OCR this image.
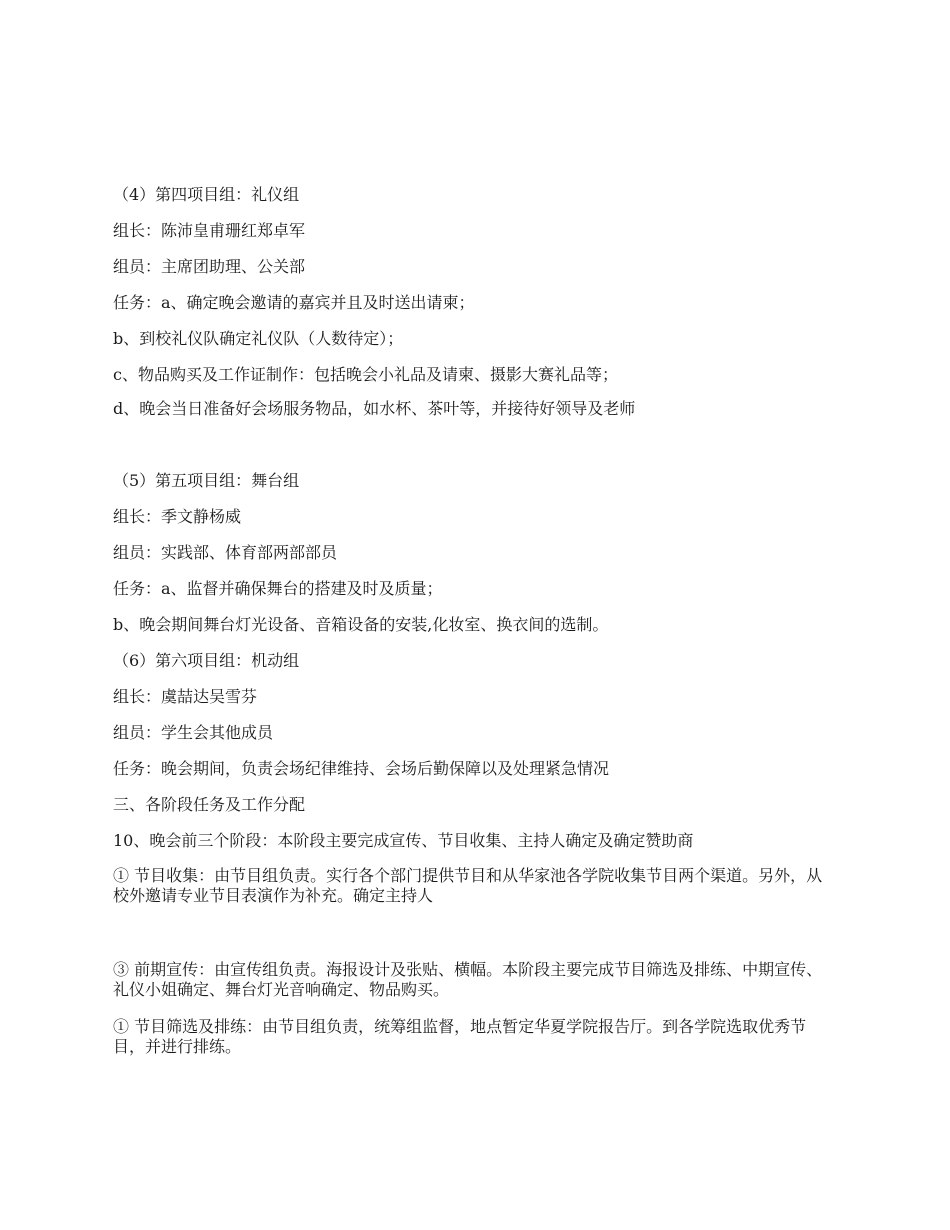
（4）第四项目组：礼仪组
组长：陈沛皇甫珊红郑卓军
组员：主席团助理、公关部
任务：a、确定晚会邀请的嘉宾并且及时送出请柬；
b、到校礼仪队确定礼仪队（人数待定）；
c、物品购买及工作证制作：包括晚会小礼品及请柬、摄影大赛礼品等；
d、晚会当日准备好会场服务物品，如水杯、茶叶等，并接待好领导及老师
（5）第五项目组：舞台组
组长：季文静杨威
组员：实践部、体育部两部部员
任务：a、监督并确保舞台的搭建及时及质量；
b、晚会期间舞台灯光设备、音箱设备的安装,化妆室、换衣间的选制。
（6）第六项目组：机动组
组长：虞喆达吴雪芬
组员：学生会其他成员
任务：晚会期间，负责会场纪律维持、会场后勤保障以及处理紧急情况
三、各阶段任务及工作分配
10、晚会前三个阶段：本阶段主要完成宣传、节目收集、主持人确定及确定赞助商
① 节目收集：由节目组负责。实行各个部门提供节目和从华家池各学院收集节目两个渠道。另外，从校外邀请专业节目表演作为补充。确定主持人
③ 前期宣传：由宣传组负责。海报设计及张贴、横幅。本阶段主要完成节目筛选及排练、中期宣传、礼仪小姐确定、舞台灯光音响确定、物品购买。
① 节目筛选及排练：由节目组负责，统筹组监督，地点暂定华夏学院报告厅。到各学院选取优秀节目，并进行排练。
